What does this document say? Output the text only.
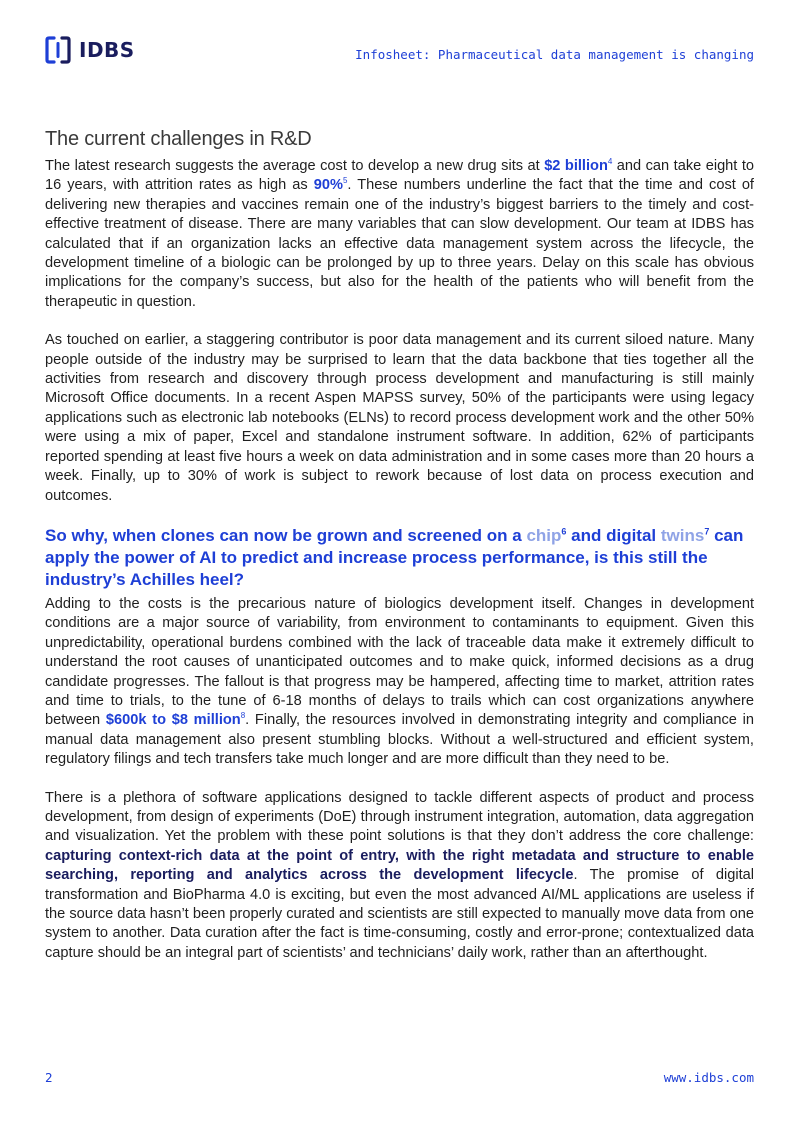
IDBS	Infosheet: Pharmaceutical data management is changing
The current challenges in R&D

The latest research suggests the average cost to develop a new drug sits at $2 billion$^4$ and can take eight to 16 years, with attrition rates as high as 90%$^5$. These numbers underline the fact that the time and cost of delivering new therapies and vaccines remain one of the industry’s biggest barriers to the timely and cost-effective treatment of disease. There are many variables that can slow development. Our team at IDBS has calculated that if an organization lacks an effective data management system across the lifecycle, the development timeline of a biologic can be prolonged by up to three years. Delay on this scale has obvious implications for the company’s success, but also for the health of the patients who will benefit from the therapeutic in question.

As touched on earlier, a staggering contributor is poor data management and its current siloed nature. Many people outside of the industry may be surprised to learn that the data backbone that ties together all the activities from research and discovery through process development and manufacturing is still mainly Microsoft Office documents. In a recent Aspen MAPSS survey, 50% of the participants were using legacy applications such as electronic lab notebooks (ELNs) to record process development work and the other 50% were using a mix of paper, Excel and standalone instrument software. In addition, 62% of participants reported spending at least five hours a week on data administration and in some cases more than 20 hours a week. Finally, up to 30% of work is subject to rework because of lost data on process execution and outcomes.

So why, when clones can now be grown and screened on a chip$^6$ and digital twins$^7$ can apply the power of AI to predict and increase process performance, is this still the industry’s Achilles heel?

Adding to the costs is the precarious nature of biologics development itself. Changes in development conditions are a major source of variability, from environment to contaminants to equipment. Given this unpredictability, operational burdens combined with the lack of traceable data make it extremely difficult to understand the root causes of unanticipated outcomes and to make quick, informed decisions as a drug candidate progresses. The fallout is that progress may be hampered, affecting time to market, attrition rates and time to trials, to the tune of 6-18 months of delays to trails which can cost organizations anywhere between $600k to $8 million$^8$. Finally, the resources involved in demonstrating integrity and compliance in manual data management also present stumbling blocks. Without a well-structured and efficient system, regulatory filings and tech transfers take much longer and are more difficult than they need to be.

There is a plethora of software applications designed to tackle different aspects of product and process development, from design of experiments (DoE) through instrument integration, automation, data aggregation and visualization. Yet the problem with these point solutions is that they don’t address the core challenge: capturing context-rich data at the point of entry, with the right metadata and structure to enable searching, reporting and analytics across the development lifecycle. The promise of digital transformation and BioPharma 4.0 is exciting, but even the most advanced AI/ML applications are useless if the source data hasn’t been properly curated and scientists are still expected to manually move data from one system to another. Data curation after the fact is time-consuming, costly and error-prone; contextualized data capture should be an integral part of scientists’ and technicians’ daily work, rather than an afterthought.

2	www.idbs.com
